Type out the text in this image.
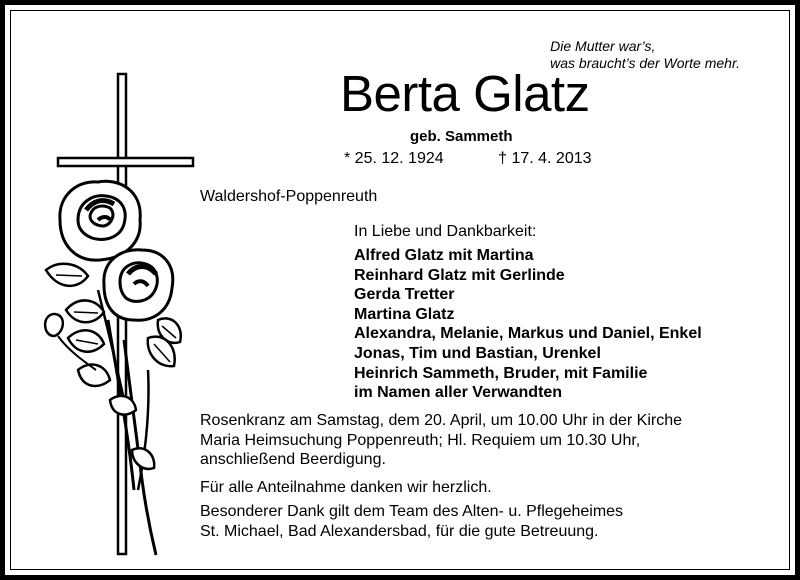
Die Mutter war’s,
was braucht’s der Worte mehr.
Berta Glatz
geb. Sammeth
* 25. 12. 1924	† 17. 4. 2013
Waldershof-Poppenreuth
In Liebe und Dankbarkeit:
Alfred Glatz mit Martina
Reinhard Glatz mit Gerlinde
Gerda Tretter
Martina Glatz
Alexandra, Melanie, Markus und Daniel, Enkel
Jonas, Tim und Bastian, Urenkel
Heinrich Sammeth, Bruder, mit Familie
im Namen aller Verwandten
Rosenkranz am Samstag, dem 20. April, um 10.00 Uhr in der Kirche
Maria Heimsuchung Poppenreuth; Hl. Requiem um 10.30 Uhr,
anschließend Beerdigung.
Für alle Anteilnahme danken wir herzlich.
Besonderer Dank gilt dem Team des Alten- u. Pflegeheimes
St. Michael, Bad Alexandersbad, für die gute Betreuung.
